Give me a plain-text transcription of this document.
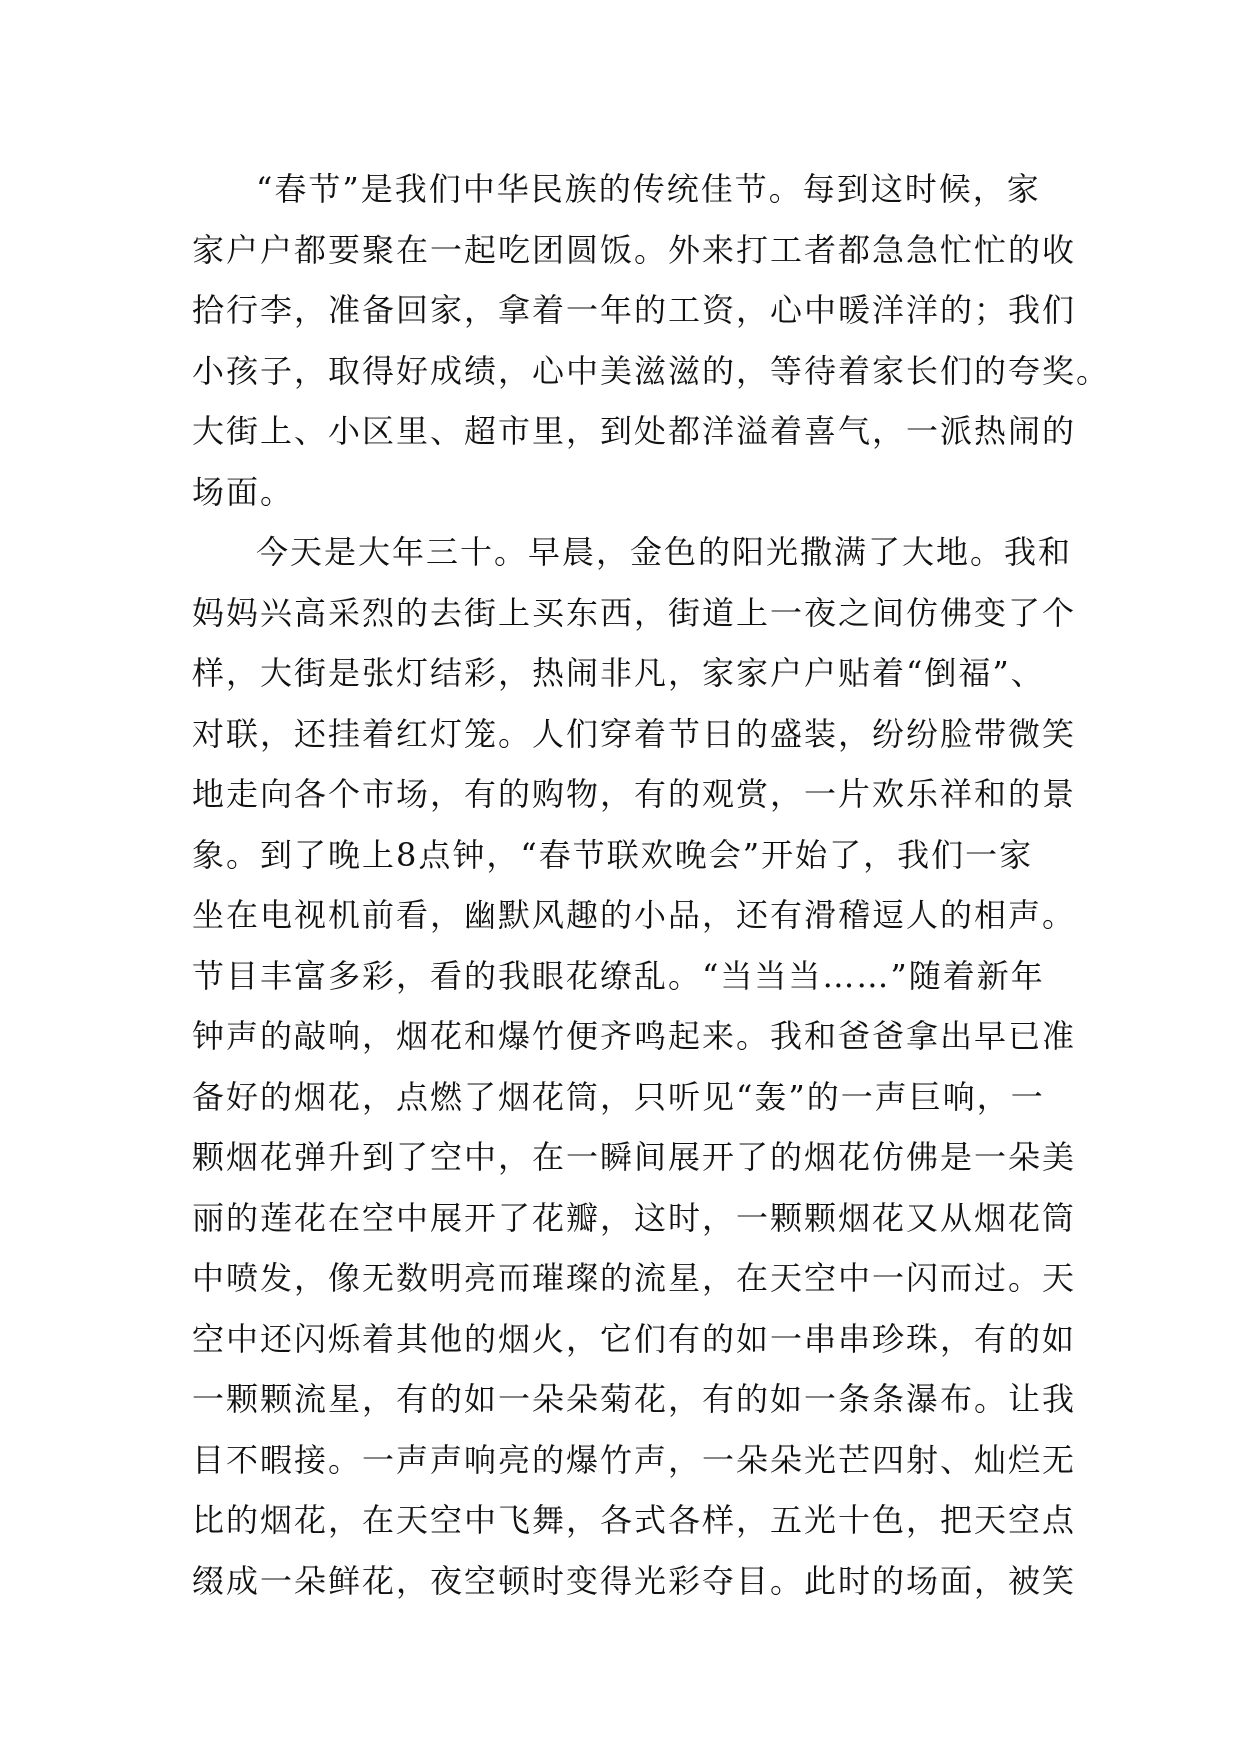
“春节”是我们中华民族的传统佳节。每到这时候，家
家户户都要聚在一起吃团圆饭。外来打工者都急急忙忙的收
拾行李，准备回家，拿着一年的工资，心中暖洋洋的；我们
小孩子，取得好成绩，心中美滋滋的，等待着家长们的夸奖。
大街上、小区里、超市里，到处都洋溢着喜气，一派热闹的
场面。
今天是大年三十。早晨，金色的阳光撒满了大地。我和
妈妈兴高采烈的去街上买东西，街道上一夜之间仿佛变了个
样，大街是张灯结彩，热闹非凡，家家户户贴着“倒福”、
对联，还挂着红灯笼。人们穿着节日的盛装，纷纷脸带微笑
地走向各个市场，有的购物，有的观赏，一片欢乐祥和的景
象。到了晚上8点钟，“春节联欢晚会”开始了，我们一家
坐在电视机前看，幽默风趣的小品，还有滑稽逗人的相声。
节目丰富多彩，看的我眼花缭乱。“当当当……”随着新年
钟声的敲响，烟花和爆竹便齐鸣起来。我和爸爸拿出早已准
备好的烟花，点燃了烟花筒，只听见“轰”的一声巨响，一
颗烟花弹升到了空中，在一瞬间展开了的烟花仿佛是一朵美
丽的莲花在空中展开了花瓣，这时，一颗颗烟花又从烟花筒
中喷发，像无数明亮而璀璨的流星，在天空中一闪而过。天
空中还闪烁着其他的烟火，它们有的如一串串珍珠，有的如
一颗颗流星，有的如一朵朵菊花，有的如一条条瀑布。让我
目不暇接。一声声响亮的爆竹声，一朵朵光芒四射、灿烂无
比的烟花，在天空中飞舞，各式各样，五光十色，把天空点
缀成一朵鲜花，夜空顿时变得光彩夺目。此时的场面，被笑
